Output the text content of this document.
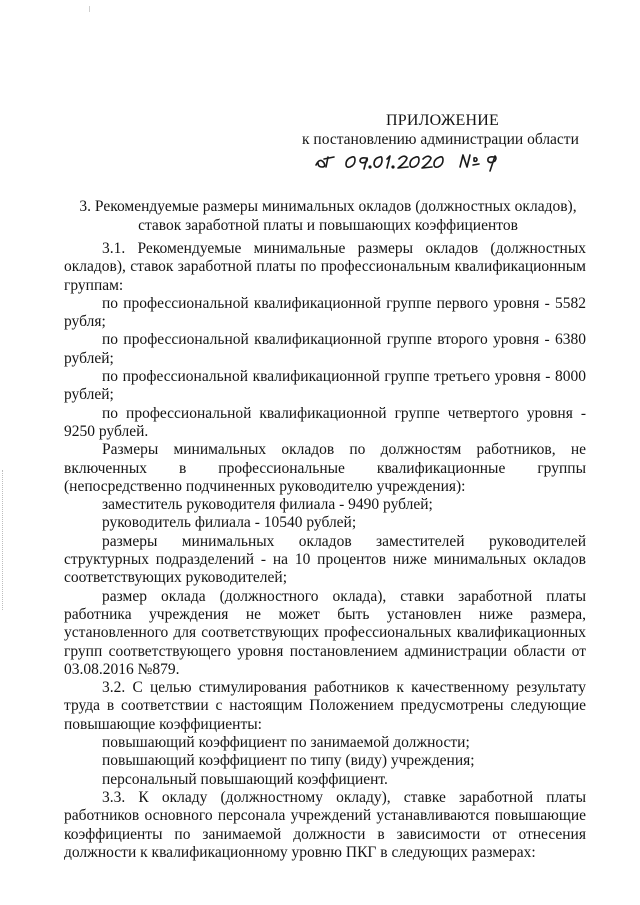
ПРИЛОЖЕНИЕ
к постановлению администрации области
3. Рекомендуемые размеры минимальных окладов (должностных окладов),
ставок заработной платы и повышающих коэффициентов

3.1. Рекомендуемые минимальные размеры окладов (должностных окладов), ставок заработной платы по профессиональным квалификационным группам:

по профессиональной квалификационной группе первого уровня - 5582 рубля;

по профессиональной квалификационной группе второго уровня - 6380 рублей;

по профессиональной квалификационной группе третьего уровня - 8000 рублей;

по профессиональной квалификационной группе четвертого уровня - 9250 рублей.

Размеры минимальных окладов по должностям работников, не включенных в профессиональные квалификационные группы (непосредственно подчиненных руководителю учреждения):

заместитель руководителя филиала - 9490 рублей;

руководитель филиала - 10540 рублей;

размеры минимальных окладов заместителей руководителей структурных подразделений - на 10 процентов ниже минимальных окладов соответствующих руководителей;

размер оклада (должностного оклада), ставки заработной платы работника учреждения не может быть установлен ниже размера, установленного для соответствующих профессиональных квалификационных групп соответствующего уровня постановлением администрации области от 03.08.2016 №879.

3.2. С целью стимулирования работников к качественному результату труда в соответствии с настоящим Положением предусмотрены следующие повышающие коэффициенты:

повышающий коэффициент по занимаемой должности;

повышающий коэффициент по типу (виду) учреждения;

персональный повышающий коэффициент.

3.3. К окладу (должностному окладу), ставке заработной платы работников основного персонала учреждений устанавливаются повышающие коэффициенты по занимаемой должности в зависимости от отнесения должности к квалификационному уровню ПКГ в следующих размерах:
